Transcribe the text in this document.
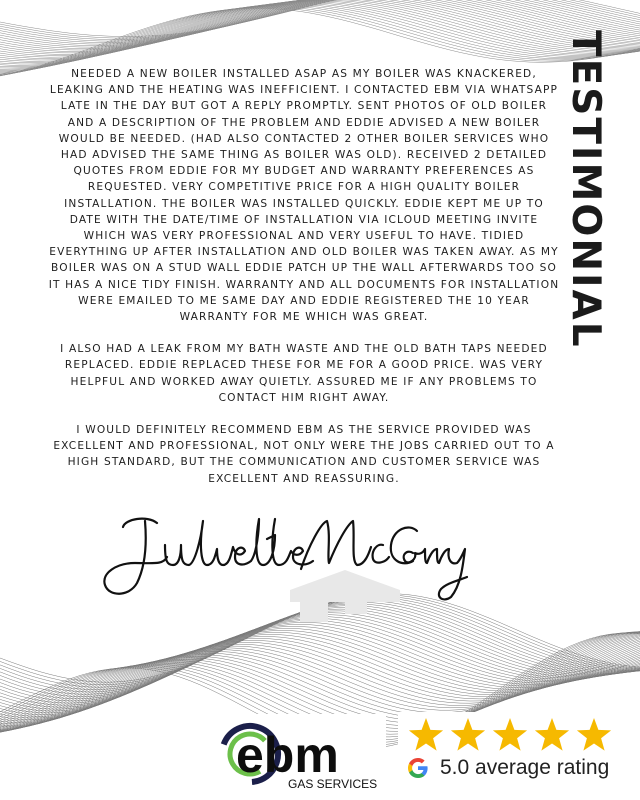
NEEDED A NEW BOILER INSTALLED ASAP AS MY BOILER WAS KNACKERED, LEAKING AND THE HEATING WAS INEFFICIENT. I CONTACTED EBM VIA WHATSAPP LATE IN THE DAY BUT GOT A REPLY PROMPTLY. SENT PHOTOS OF OLD BOILER AND A DESCRIPTION OF THE PROBLEM AND EDDIE ADVISED A NEW BOILER WOULD BE NEEDED. (HAD ALSO CONTACTED 2 OTHER BOILER SERVICES WHO HAD ADVISED THE SAME THING AS BOILER WAS OLD). RECEIVED 2 DETAILED QUOTES FROM EDDIE FOR MY BUDGET AND WARRANTY PREFERENCES AS REQUESTED. VERY COMPETITIVE PRICE FOR A HIGH QUALITY BOILER INSTALLATION. THE BOILER WAS INSTALLED QUICKLY. EDDIE KEPT ME UP TO DATE WITH THE DATE/TIME OF INSTALLATION VIA ICLOUD MEETING INVITE WHICH WAS VERY PROFESSIONAL AND VERY USEFUL TO HAVE. TIDIED EVERYTHING UP AFTER INSTALLATION AND OLD BOILER WAS TAKEN AWAY. AS MY BOILER WAS ON A STUD WALL EDDIE PATCH UP THE WALL AFTERWARDS TOO SO IT HAS A NICE TIDY FINISH. WARRANTY AND ALL DOCUMENTS FOR INSTALLATION WERE EMAILED TO ME SAME DAY AND EDDIE REGISTERED THE 10 YEAR WARRANTY FOR ME WHICH WAS GREAT.

I ALSO HAD A LEAK FROM MY BATH WASTE AND THE OLD BATH TAPS NEEDED REPLACED. EDDIE REPLACED THESE FOR ME FOR A GOOD PRICE. WAS VERY HELPFUL AND WORKED AWAY QUIETLY. ASSURED ME IF ANY PROBLEMS TO CONTACT HIM RIGHT AWAY.

I WOULD DEFINITELY RECOMMEND EBM AS THE SERVICE PROVIDED WAS EXCELLENT AND PROFESSIONAL, NOT ONLY WERE THE JOBS CARRIED OUT TO A HIGH STANDARD, BUT THE COMMUNICATION AND CUSTOMER SERVICE WAS EXCELLENT AND REASSURING.

TESTIMONIAL
ebm
GAS SERVICES
5.0 average rating
